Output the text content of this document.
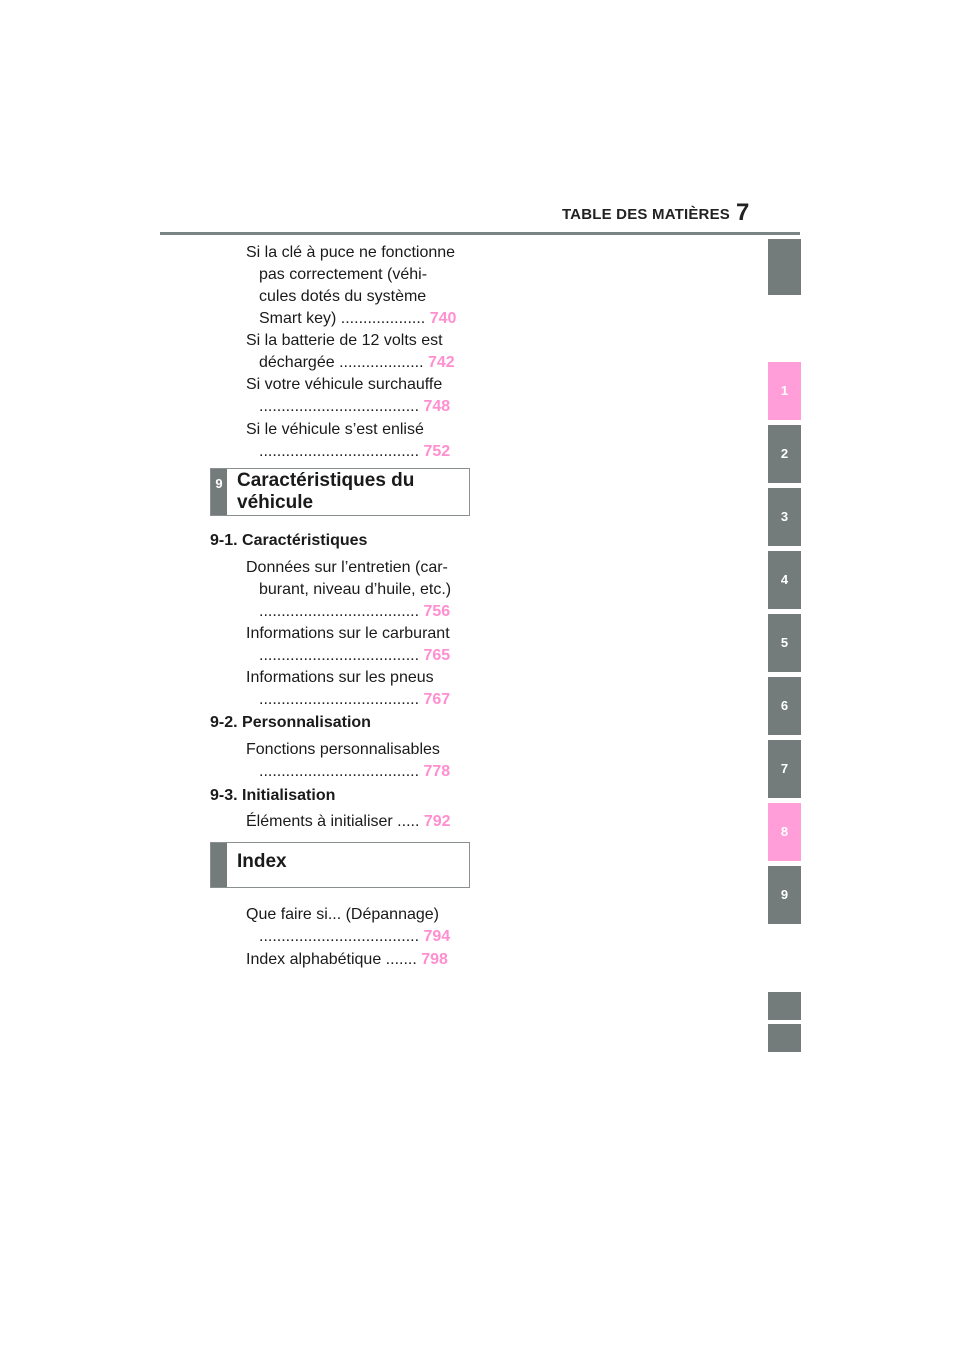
TABLE DES MATIÈRES 7
Si la clé à puce ne fonctionne
pas correctement (véhi-
cules dotés du système
Smart key) ................... 740
Si la batterie de 12 volts est
déchargée ................... 742
Si votre véhicule surchauffe
.................................... 748
Si le véhicule s’est enlisé
.................................... 752
9 Caractéristiques du
véhicule
9-1. Caractéristiques
Données sur l’entretien (car-
burant, niveau d’huile, etc.)
.................................... 756
Informations sur le carburant
.................................... 765
Informations sur les pneus
.................................... 767
9-2. Personnalisation
Fonctions personnalisables
.................................... 778
9-3. Initialisation
Éléments à initialiser ..... 792
Index
Que faire si... (Dépannage)
.................................... 794
Index alphabétique ....... 798
1
2
3
4
5
6
7
8
9
